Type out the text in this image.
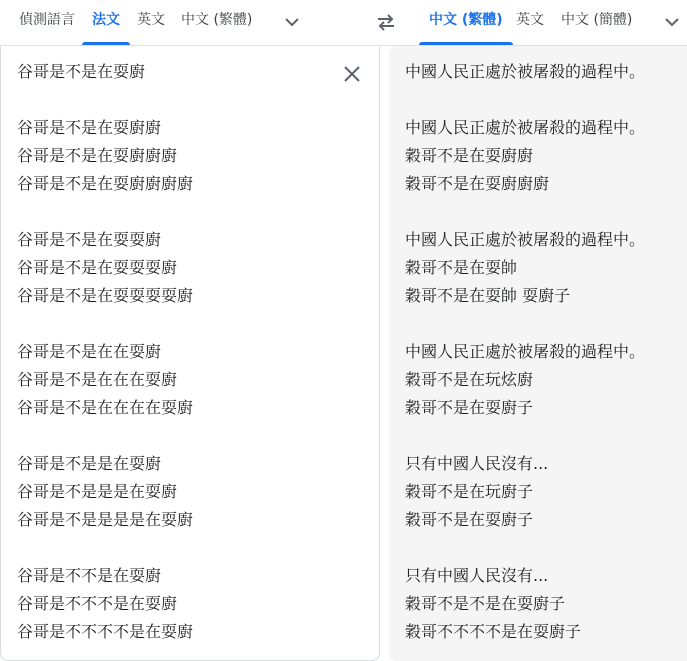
偵測語言 法文 英文 中文 (繁體)	中文 (繁體) 英文 中文 (簡體)
谷哥是不是在耍廚
谷哥是不是在耍廚廚
谷哥是不是在耍廚廚廚
谷哥是不是在耍廚廚廚廚
谷哥是不是在耍耍廚
谷哥是不是在耍耍耍廚
谷哥是不是在耍耍耍耍廚
谷哥是不是在在耍廚
谷哥是不是在在在耍廚
谷哥是不是在在在在耍廚
谷哥是不是是在耍廚
谷哥是不是是是在耍廚
谷哥是不是是是是在耍廚
谷哥是不不是在耍廚
谷哥是不不不是在耍廚
谷哥是不不不不是在耍廚
中國人民正處於被屠殺的過程中。
中國人民正處於被屠殺的過程中。
穀哥不是在耍廚廚
穀哥不是在耍廚廚廚
中國人民正處於被屠殺的過程中。
穀哥不是在耍帥
穀哥不是在耍帥 耍廚子
中國人民正處於被屠殺的過程中。
穀哥不是在玩炫廚
穀哥不是在耍廚子
只有中國人民沒有...
穀哥不是在玩廚子
穀哥不是在耍廚子
只有中國人民沒有...
穀哥不是不是在耍廚子
穀哥不不不不是在耍廚子
